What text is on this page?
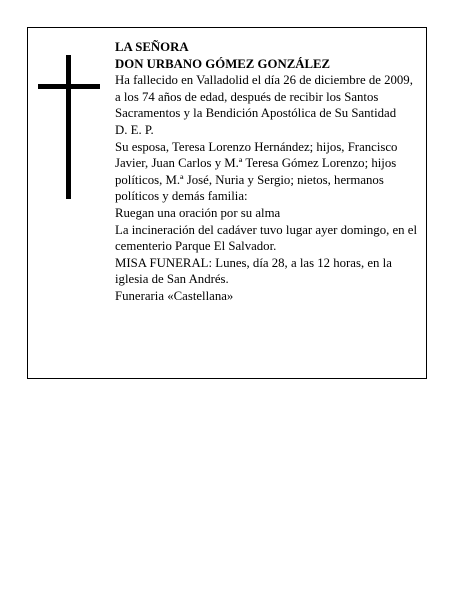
LA SEÑORA

DON URBANO GÓMEZ GONZÁLEZ

Ha fallecido en Valladolid el día 26 de diciembre de 2009, a los 74 años de edad, después de recibir los Santos Sacramentos y la Bendición Apostólica de Su Santidad

D. E. P.

Su esposa, Teresa Lorenzo Hernández; hijos, Francisco Javier, Juan Carlos y M.ª Teresa Gómez Lorenzo; hijos políticos, M.ª José, Nuria y Sergio; nietos, hermanos políticos y demás familia:

Ruegan una oración por su alma

La incineración del cadáver tuvo lugar ayer domingo, en el cementerio Parque El Salvador.

MISA FUNERAL: Lunes, día 28, a las 12 horas, en la iglesia de San Andrés.

Funeraria «Castellana»
